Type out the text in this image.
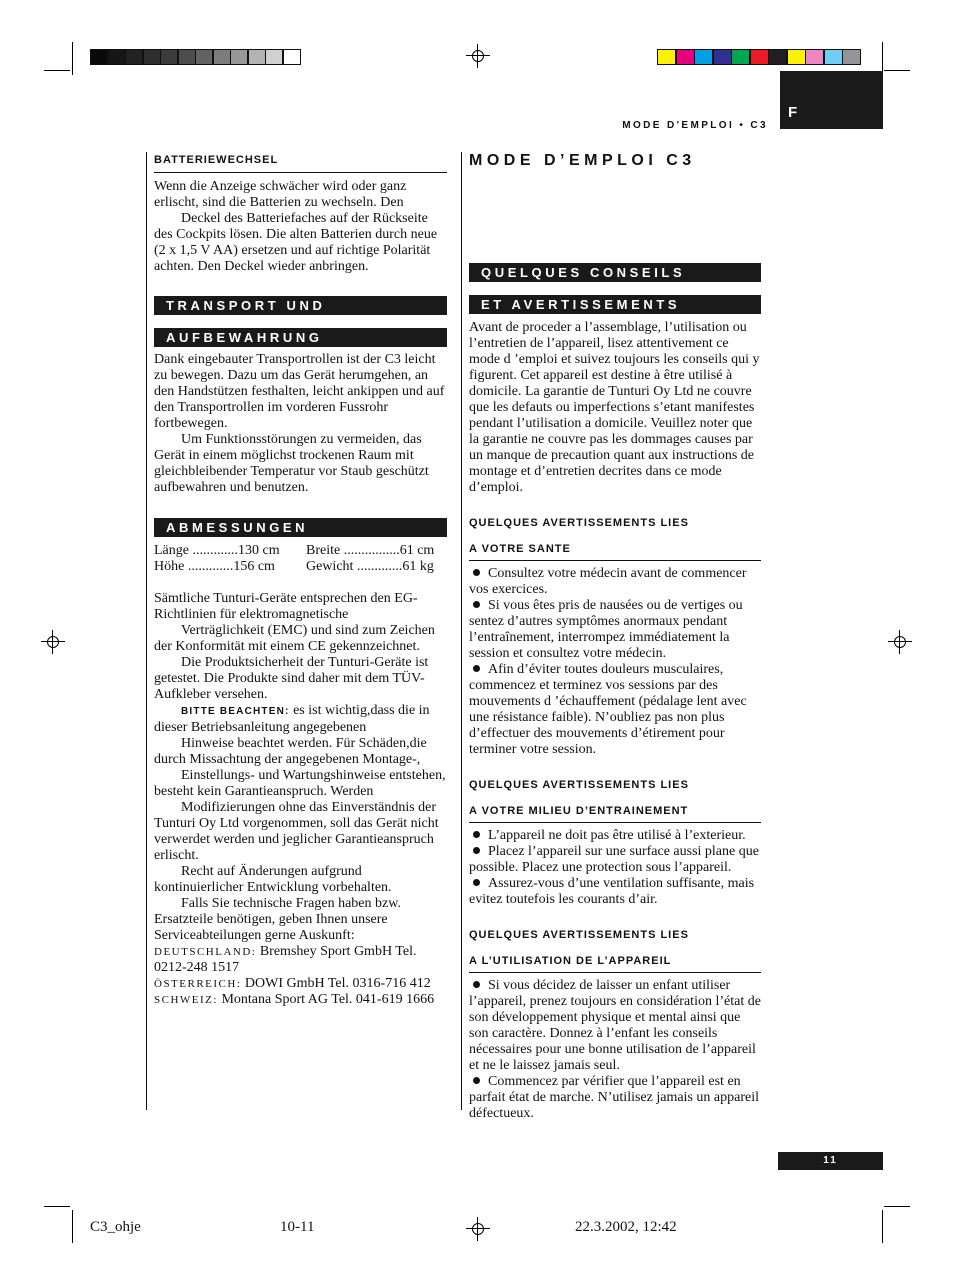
MODE D'EMPLOI • C3
F
BATTERIEWECHSEL

Wenn die Anzeige schwächer wird oder ganz erlischt, sind die Batterien zu wechseln. Den

Deckel des Batteriefaches auf der Rückseite des Cockpits lösen. Die alten Batterien durch neue (2 x 1,5 V AA) ersetzen und auf richtige Polarität achten. Den Deckel wieder anbringen.

TRANSPORT UND
AUFBEWAHRUNG

Dank eingebauter Transportrollen ist der C3 leicht zu bewegen. Dazu um das Gerät herumgehen, an den Handstützen festhalten, leicht ankippen und auf den Transportrollen im vorderen Fussrohr fortbewegen.

Um Funktionsstörungen zu vermeiden, das Gerät in einem möglichst trockenen Raum mit gleichbleibender Temperatur vor Staub geschützt aufbewahren und benutzen.

ABMESSUNGEN
Länge .............130 cm	Breite ................61 cm
Höhe .............156 cm	Gewicht .............61 kg

Sämtliche Tunturi-Geräte entsprechen den EG-Richtlinien für elektromagnetische

Verträglichkeit (EMC) und sind zum Zeichen der Konformität mit einem CE gekennzeichnet.

Die Produktsicherheit der Tunturi-Geräte ist getestet. Die Produkte sind daher mit dem TÜV-Aufkleber versehen.

BITTE BEACHTEN: es ist wichtig,dass die in dieser Betriebsanleitung angegebenen

Hinweise beachtet werden. Für Schäden,die durch Missachtung der angegebenen Montage-,

Einstellungs- und Wartungshinweise entstehen, besteht kein Garantieanspruch. Werden

Modifizierungen ohne das Einverständnis der Tunturi Oy Ltd vorgenommen, soll das Gerät nicht verwerdet werden und jeglicher Garantieanspruch erlischt.

Recht auf Änderungen aufgrund kontinuierlicher Entwicklung vorbehalten.

Falls Sie technische Fragen haben bzw. Ersatzteile benötigen, geben Ihnen unsere Serviceabteilungen gerne Auskunft:

DEUTSCHLAND: Bremshey Sport GmbH Tel. 0212-248 1517

ÖSTERREICH: DOWI GmbH Tel. 0316-716 412

SCHWEIZ: Montana Sport AG Tel. 041-619 1666

MODE D’EMPLOI C3
QUELQUES CONSEILS
ET AVERTISSEMENTS

Avant de proceder a l’assemblage, l’utilisation ou l’entretien de l’appareil, lisez attentivement ce mode d ’emploi et suivez toujours les conseils qui y figurent. Cet appareil est destine à être utilisé à domicile. La garantie de Tunturi Oy Ltd ne couvre que les defauts ou imperfections s’etant manifestes pendant l’utilisation a domicile. Veuillez noter que la garantie ne couvre pas les dommages causes par un manque de precaution quant aux instructions de montage et d’entretien decrites dans ce mode d’emploi.

QUELQUES AVERTISSEMENTS LIES
A VOTRE SANTE

Consultez votre médecin avant de commencer vos exercices.

Si vous êtes pris de nausées ou de vertiges ou sentez d’autres symptômes anormaux pendant l’entraînement, interrompez immédiatement la session et consultez votre médecin.

Afin d’éviter toutes douleurs musculaires, commencez et terminez vos sessions par des mouvements d ’échauffement (pédalage lent avec une résistance faible). N’oubliez pas non plus d’effectuer des mouvements d’étirement pour terminer votre session.

QUELQUES AVERTISSEMENTS LIES
A VOTRE MILIEU D’ENTRAINEMENT

L’appareil ne doit pas être utilisé à l’exterieur.

Placez l’appareil sur une surface aussi plane que possible. Placez une protection sous l’appareil.

Assurez-vous d’une ventilation suffisante, mais evitez toutefois les courants d’air.

QUELQUES AVERTISSEMENTS LIES
A L’UTILISATION DE L’APPAREIL

Si vous décidez de laisser un enfant utiliser l’appareil, prenez toujours en considération l’état de son développement physique et mental ainsi que son caractère. Donnez à l’enfant les conseils nécessaires pour une bonne utilisation de l’appareil et ne le laissez jamais seul.

Commencez par vérifier que l’appareil est en parfait état de marche. N’utilisez jamais un appareil défectueux.

11
C3_ohje	10-11	22.3.2002, 12:42
